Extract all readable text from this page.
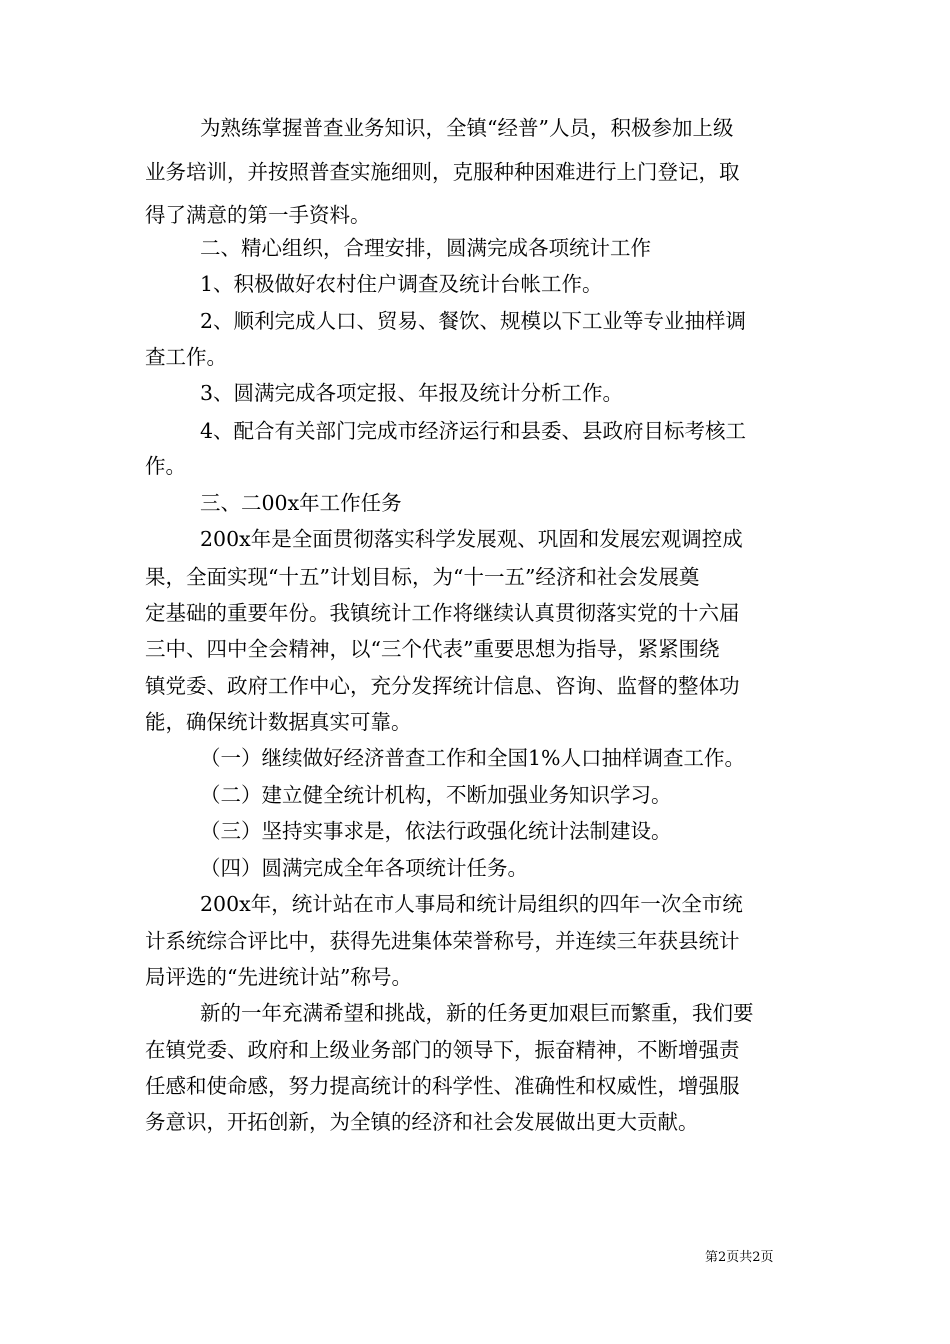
为熟练掌握普查业务知识，全镇“经普”人员，积极参加上级
业务培训，并按照普查实施细则，克服种种困难进行上门登记，取
得了满意的第一手资料。
二、精心组织，合理安排，圆满完成各项统计工作
1、积极做好农村住户调查及统计台帐工作。
2、顺利完成人口、贸易、餐饮、规模以下工业等专业抽样调
查工作。
3、圆满完成各项定报、年报及统计分析工作。
4、配合有关部门完成市经济运行和县委、县政府目标考核工
作。
三、二00x年工作任务
200x年是全面贯彻落实科学发展观、巩固和发展宏观调控成
果，全面实现“十五”计划目标，为“十一五”经济和社会发展奠
定基础的重要年份。我镇统计工作将继续认真贯彻落实党的十六届
三中、四中全会精神，以“三个代表”重要思想为指导，紧紧围绕
镇党委、政府工作中心，充分发挥统计信息、咨询、监督的整体功
能，确保统计数据真实可靠。
（一）继续做好经济普查工作和全国1%人口抽样调查工作。
（二）建立健全统计机构，不断加强业务知识学习。
（三）坚持实事求是，依法行政强化统计法制建设。
（四）圆满完成全年各项统计任务。
200x年，统计站在市人事局和统计局组织的四年一次全市统
计系统综合评比中，获得先进集体荣誉称号，并连续三年获县统计
局评选的“先进统计站”称号。
新的一年充满希望和挑战，新的任务更加艰巨而繁重，我们要
在镇党委、政府和上级业务部门的领导下，振奋精神，不断增强责
任感和使命感，努力提高统计的科学性、准确性和权威性，增强服
务意识，开拓创新，为全镇的经济和社会发展做出更大贡献。
第2页共2页
